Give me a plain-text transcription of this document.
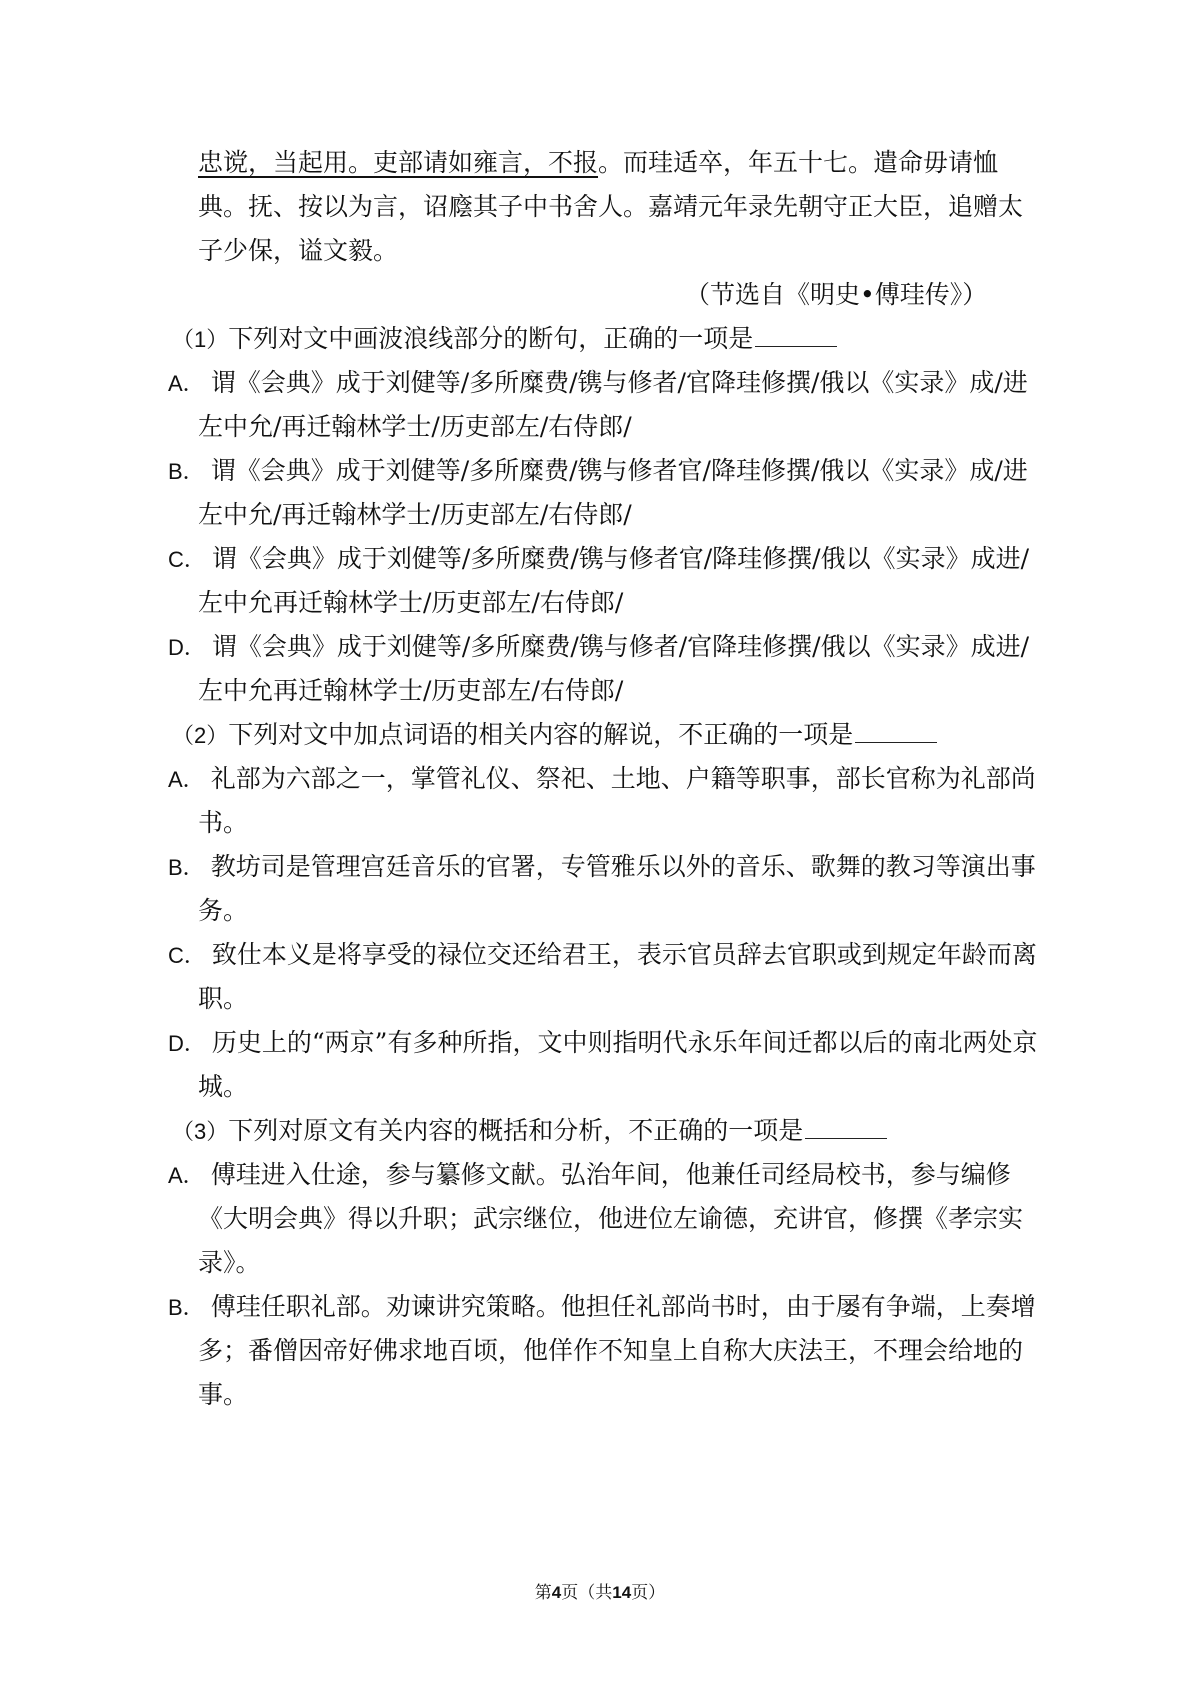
忠谠，当起用。吏部请如雍言，不报。而珪适卒，年五十七。遣命毋请恤
典。抚、按以为言，诏廕其子中书舍人。嘉靖元年录先朝守正大臣，追赠太
子少保，谥文毅。
（节选自《明史•傅珪传》）
（1）下列对文中画波浪线部分的断句，正确的一项是
A． 谓《会典》成于刘健等/多所糜费/镌与修者/官降珪修撰/俄以《实录》成/进
左中允/再迁翰林学士/历吏部左/右侍郎/
B． 谓《会典》成于刘健等/多所糜费/镌与修者官/降珪修撰/俄以《实录》成/进
左中允/再迁翰林学士/历吏部左/右侍郎/
C． 谓《会典》成于刘健等/多所糜费/镌与修者官/降珪修撰/俄以《实录》成进/
左中允再迁翰林学士/历吏部左/右侍郎/
D． 谓《会典》成于刘健等/多所糜费/镌与修者/官降珪修撰/俄以《实录》成进/
左中允再迁翰林学士/历吏部左/右侍郎/
（2）下列对文中加点词语的相关内容的解说，不正确的一项是
A． 礼部为六部之一，掌管礼仪、祭祀、土地、户籍等职事，部长官称为礼部尚
书。
B． 教坊司是管理宫廷音乐的官署，专管雅乐以外的音乐、歌舞的教习等演出事
务。
C． 致仕本义是将享受的禄位交还给君王，表示官员辞去官职或到规定年龄而离
职。
D． 历史上的“两京”有多种所指，文中则指明代永乐年间迁都以后的南北两处京
城。
（3）下列对原文有关内容的概括和分析，不正确的一项是
A． 傅珪进入仕途，参与纂修文献。弘治年间，他兼任司经局校书，参与编修
《大明会典》得以升职；武宗继位，他进位左谕德，充讲官，修撰《孝宗实
录》。
B． 傅珪任职礼部。劝谏讲究策略。他担任礼部尚书时，由于屡有争端，上奏增
多；番僧因帝好佛求地百顷，他佯作不知皇上自称大庆法王，不理会给地的
事。
第4页（共14页）
